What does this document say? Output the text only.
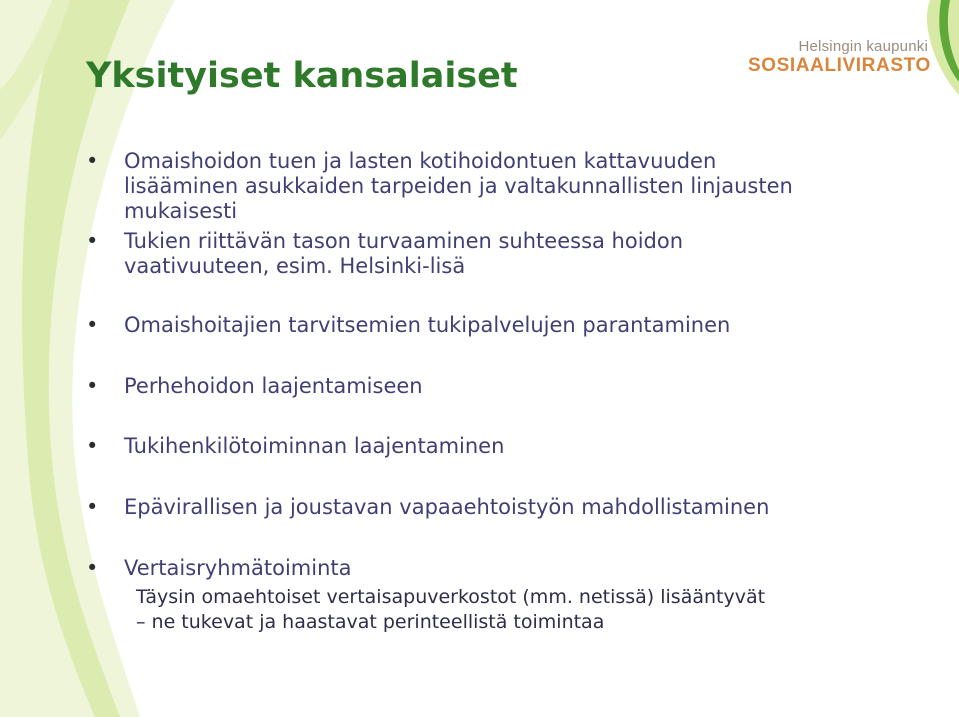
Helsingin kaupunki
SOSIAALIVIRASTO
Yksityiset kansalaiset
• Omaishoidon tuen ja lasten kotihoidontuen kattavuuden
lisääminen asukkaiden tarpeiden ja valtakunnallisten linjausten
mukaisesti
• Tukien riittävän tason turvaaminen suhteessa hoidon
vaativuuteen, esim. Helsinki-lisä
• Omaishoitajien tarvitsemien tukipalvelujen parantaminen
• Perhehoidon laajentamiseen
• Tukihenkilötoiminnan laajentaminen
• Epävirallisen ja joustavan vapaaehtoistyön mahdollistaminen
• Vertaisryhmätoiminta
Täysin omaehtoiset vertaisapuverkostot (mm. netissä) lisääntyvät
– ne tukevat ja haastavat perinteellistä toimintaa
